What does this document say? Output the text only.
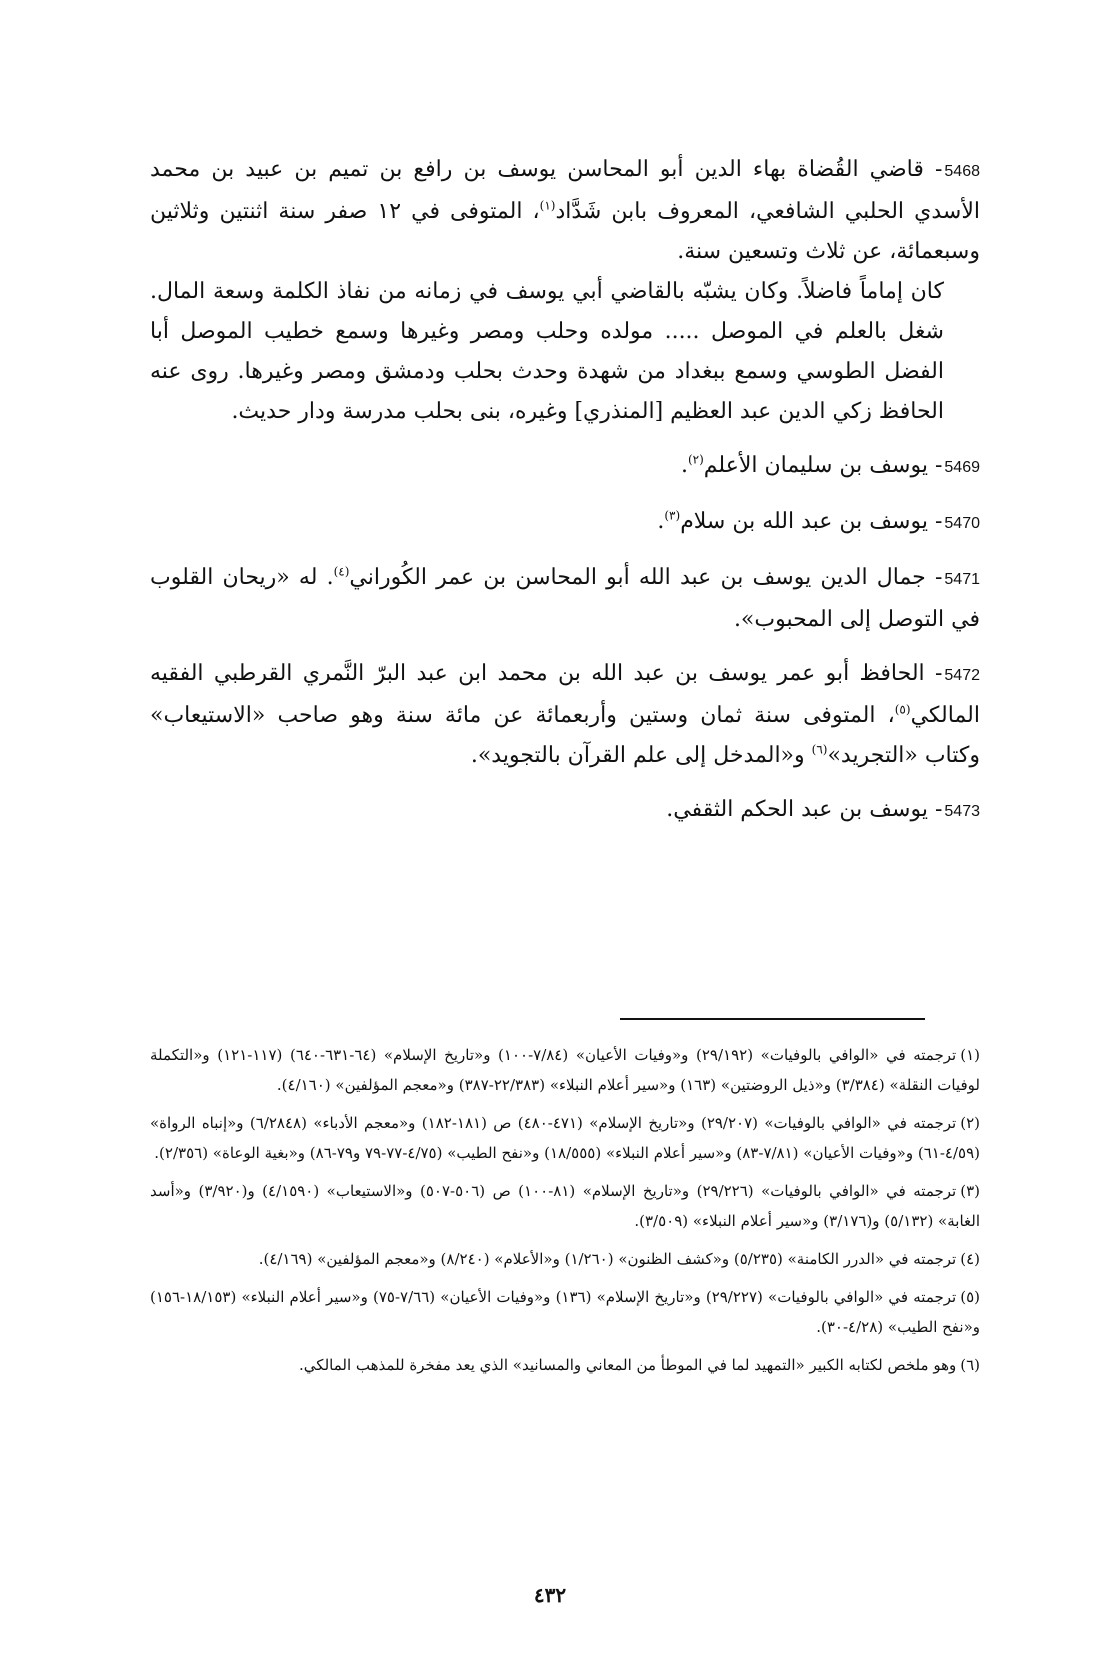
5468- قاضي القُضاة بهاء الدين أبو المحاسن يوسف بن رافع بن تميم بن عبيد بن محمد الأسدي الحلبي الشافعي، المعروف بابن شَدَّاد$^{(١)}$، المتوفى في ١٢ صفر سنة اثنتين وثلاثين وسبعمائة، عن ثلاث وتسعين سنة.

كان إماماً فاضلاً. وكان يشبّه بالقاضي أبي يوسف في زمانه من نفاذ الكلمة وسعة المال. شغل بالعلم في الموصل ..... مولده وحلب ومصر وغيرها وسمع خطيب الموصل أبا الفضل الطوسي وسمع ببغداد من شهدة وحدث بحلب ودمشق ومصر وغيرها. روى عنه الحافظ زكي الدين عبد العظيم [المنذري] وغيره، بنى بحلب مدرسة ودار حديث.

5469- يوسف بن سليمان الأعلم$^{(٢)}$.

5470- يوسف بن عبد الله بن سلام$^{(٣)}$.

5471- جمال الدين يوسف بن عبد الله أبو المحاسن بن عمر الكُوراني$^{(٤)}$. له «ريحان القلوب في التوصل إلى المحبوب».

5472- الحافظ أبو عمر يوسف بن عبد الله بن محمد ابن عبد البرّ النَّمري القرطبي الفقيه المالكي$^{(٥)}$، المتوفى سنة ثمان وستين وأربعمائة عن مائة سنة وهو صاحب «الاستيعاب» وكتاب «التجريد»$^{(٦)}$ و«المدخل إلى علم القرآن بالتجويد».

5473- يوسف بن عبد الحكم الثقفي.

(١)ترجمته في «الوافي بالوفيات» (٢٩/١٩٢) و«وفيات الأعيان» (٧/٨٤-١٠٠) و«تاريخ الإسلام» (٦٤-٦٣١-٦٤٠) (١١٧-١٢١) و«التكملة لوفيات النقلة» (٣/٣٨٤) و«ذيل الروضتين» (١٦٣) و«سير أعلام النبلاء» (٢٢/٣٨٣-٣٨٧) و«معجم المؤلفين» (٤/١٦٠).

(٢)ترجمته في «الوافي بالوفيات» (٢٩/٢٠٧) و«تاريخ الإسلام» (٤٧١-٤٨٠) ص (١٨١-١٨٢) و«معجم الأدباء» (٦/٢٨٤٨) و«إنباه الرواة» (٤/٥٩-٦١) و«وفيات الأعيان» (٧/٨١-٨٣) و«سير أعلام النبلاء» (١٨/٥٥٥) و«نفح الطيب» (٤/٧٥-٧٧-٧٩ و٧٩-٨٦) و«بغية الوعاة» (٢/٣٥٦).

(٣)ترجمته في «الوافي بالوفيات» (٢٩/٢٢٦) و«تاريخ الإسلام» (٨١-١٠٠) ص (٥٠٦-٥٠٧) و«الاستيعاب» (٤/١٥٩٠) و(٣/٩٢٠) و«أسد الغابة» (٥/١٣٢) و(٣/١٧٦) و«سير أعلام النبلاء» (٣/٥٠٩).

(٤)ترجمته في «الدرر الكامنة» (٥/٢٣٥) و«كشف الظنون» (١/٢٦٠) و«الأعلام» (٨/٢٤٠) و«معجم المؤلفين» (٤/١٦٩).

(٥)ترجمته في «الوافي بالوفيات» (٢٩/٢٢٧) و«تاريخ الإسلام» (١٣٦) و«وفيات الأعيان» (٧/٦٦-٧٥) و«سير أعلام النبلاء» (١٨/١٥٣-١٥٦) و«نفح الطيب» (٤/٢٨-٣٠).

(٦)وهو ملخص لكتابه الكبير «التمهيد لما في الموطأ من المعاني والمسانيد» الذي يعد مفخرة للمذهب المالكي.

٤٣٢
